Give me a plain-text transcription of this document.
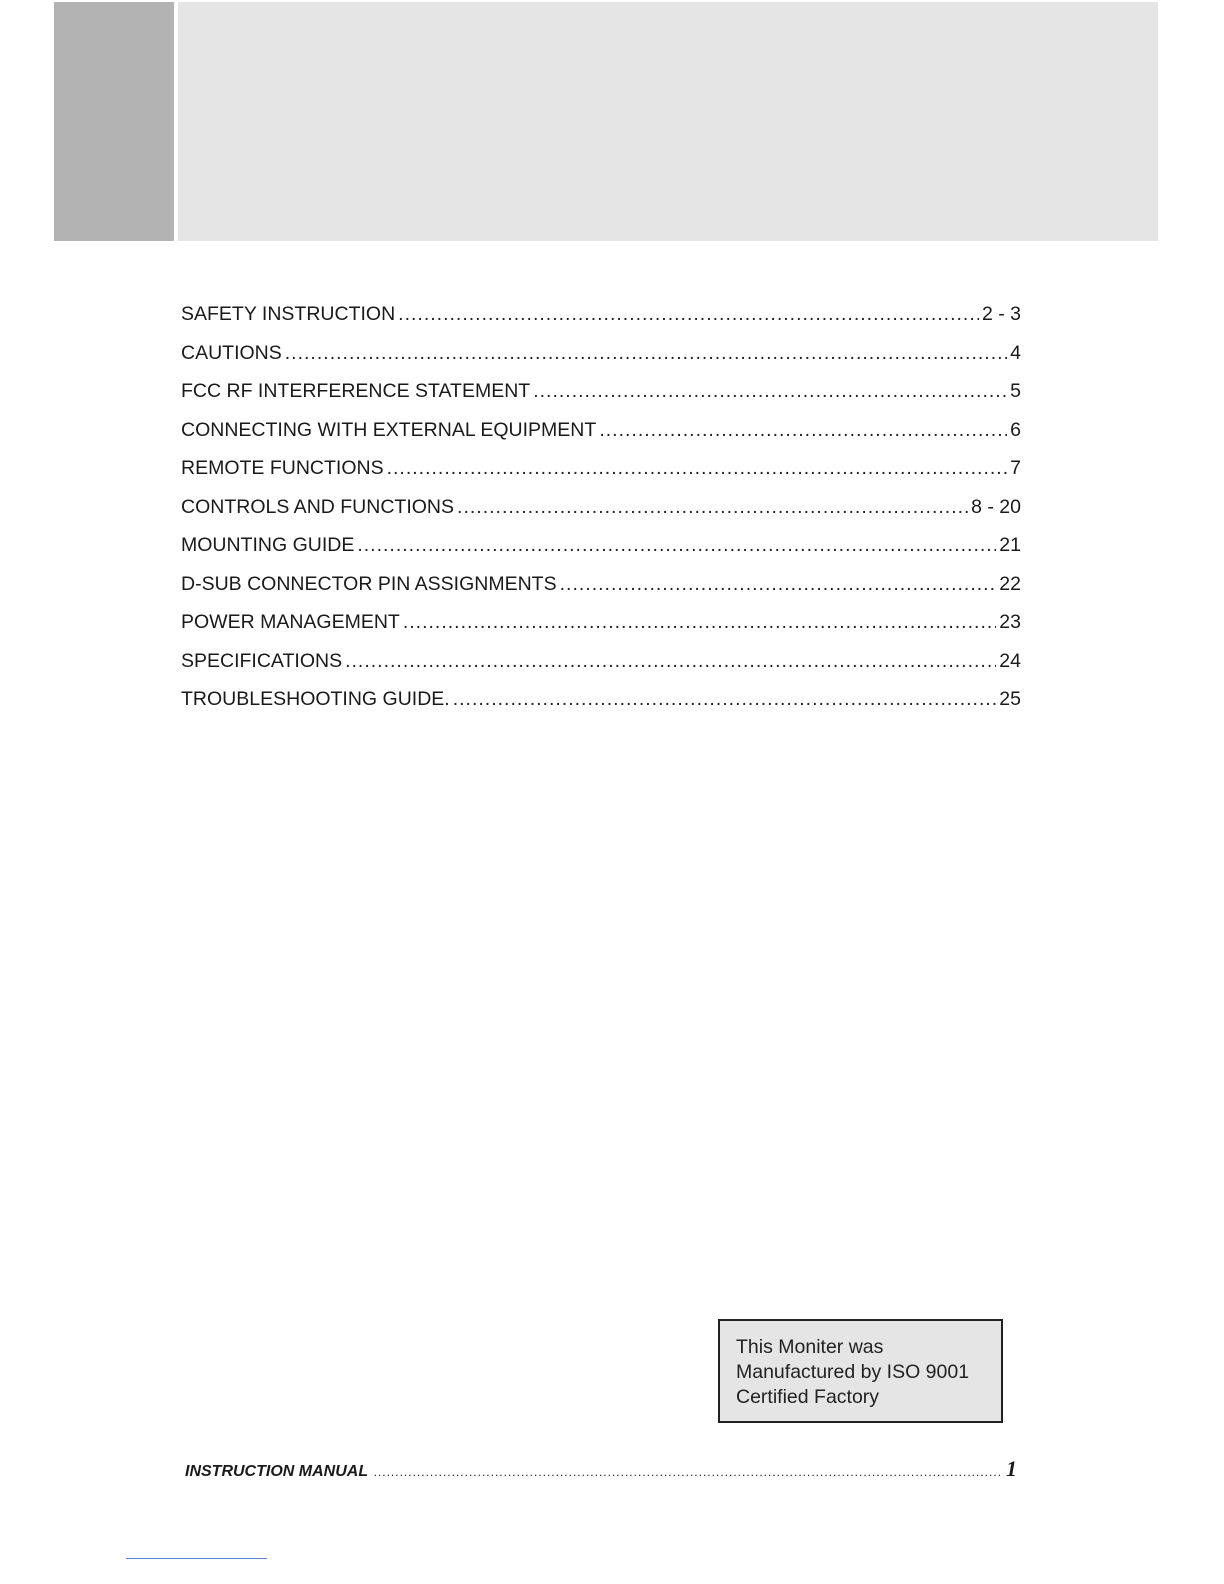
SAFETY INSTRUCTION .....	2 - 3
CAUTIONS .....	4
FCC RF INTERFERENCE STATEMENT .....	5
CONNECTING WITH EXTERNAL EQUIPMENT .....	6
REMOTE FUNCTIONS .....	7
CONTROLS AND FUNCTIONS .....	8 - 20
MOUNTING GUIDE .....	21
D-SUB CONNECTOR PIN ASSIGNMENTS .....	22
POWER MANAGEMENT .....	23
SPECIFICATIONS .....	24
TROUBLESHOOTING GUIDE. .....	25
This Moniter was
Manufactured by ISO 9001
Certified Factory
INSTRUCTION MANUAL .....	1
